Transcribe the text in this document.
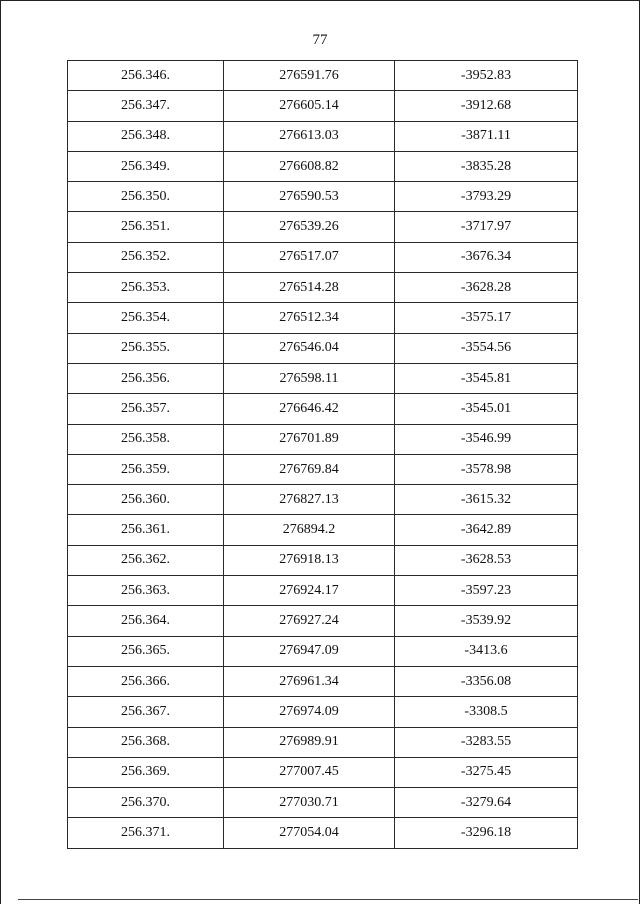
77
256.346.	276591.76	-3952.83
256.347.	276605.14	-3912.68
256.348.	276613.03	-3871.11
256.349.	276608.82	-3835.28
256.350.	276590.53	-3793.29
256.351.	276539.26	-3717.97
256.352.	276517.07	-3676.34
256.353.	276514.28	-3628.28
256.354.	276512.34	-3575.17
256.355.	276546.04	-3554.56
256.356.	276598.11	-3545.81
256.357.	276646.42	-3545.01
256.358.	276701.89	-3546.99
256.359.	276769.84	-3578.98
256.360.	276827.13	-3615.32
256.361.	276894.2	-3642.89
256.362.	276918.13	-3628.53
256.363.	276924.17	-3597.23
256.364.	276927.24	-3539.92
256.365.	276947.09	-3413.6
256.366.	276961.34	-3356.08
256.367.	276974.09	-3308.5
256.368.	276989.91	-3283.55
256.369.	277007.45	-3275.45
256.370.	277030.71	-3279.64
256.371.	277054.04	-3296.18
